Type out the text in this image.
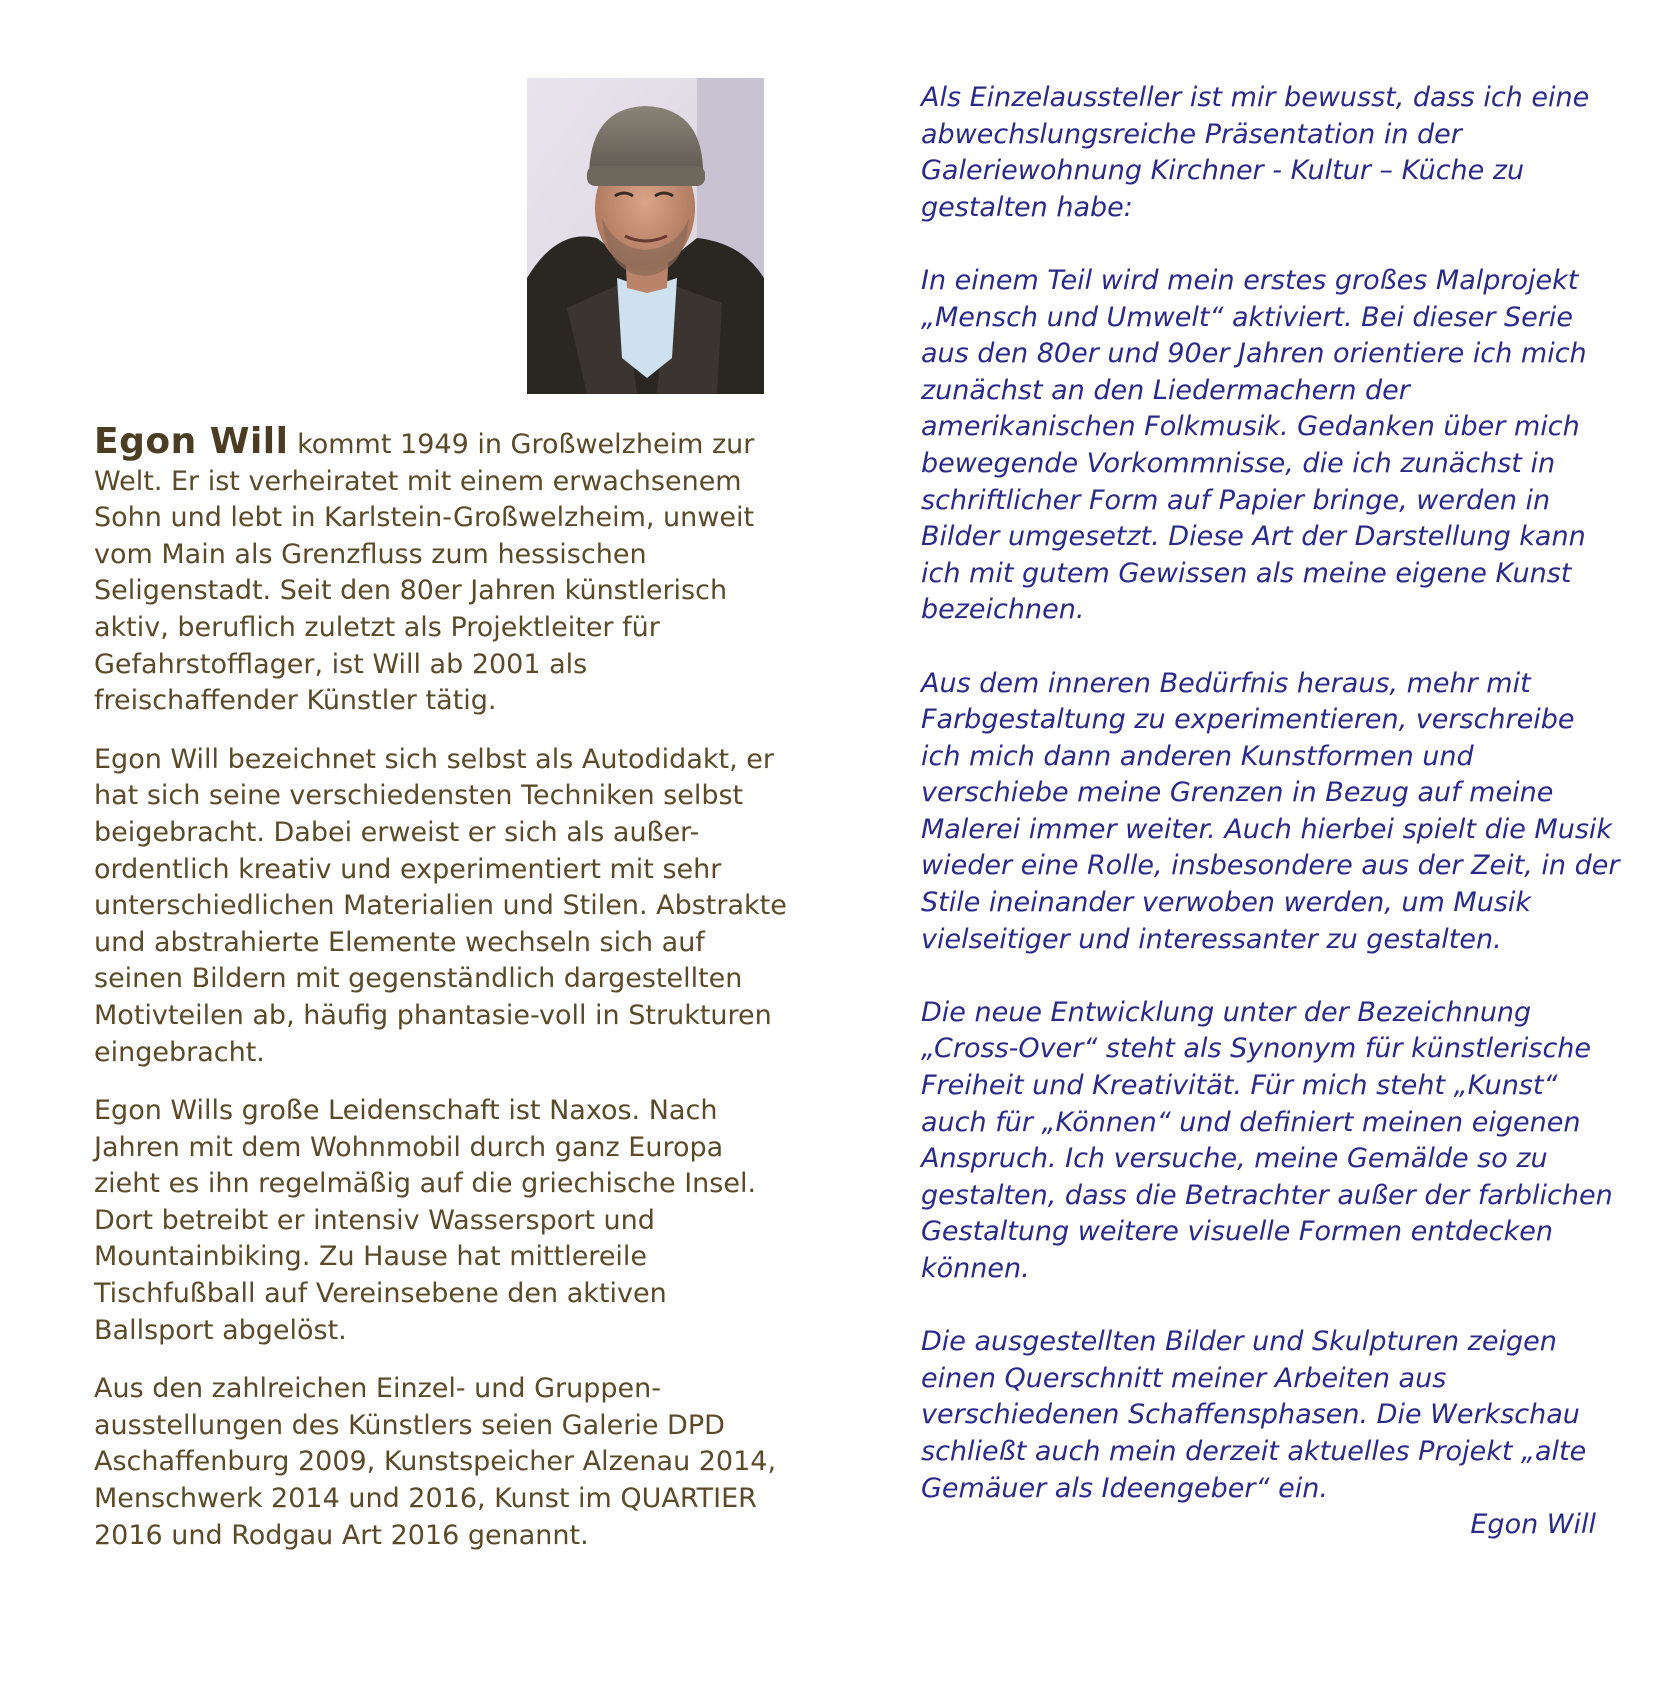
Egon Will kommt 1949 in Großwelzheim zur Welt. Er ist verheiratet mit einem erwachsenem Sohn und lebt in Karlstein-Großwelzheim, unweit vom Main als Grenzfluss zum hessischen Seligenstadt. Seit den 80er Jahren künstlerisch aktiv, beruflich zuletzt als Projektleiter für Gefahrstofflager, ist Will ab 2001 als freischaffender Künstler tätig.

Egon Will bezeichnet sich selbst als Autodidakt, er hat sich seine verschiedensten Techniken selbst beigebracht. Dabei erweist er sich als außer-ordentlich kreativ und experimentiert mit sehr unterschiedlichen Materialien und Stilen. Abstrakte und abstrahierte Elemente wechseln sich auf seinen Bildern mit gegenständlich dargestellten Motivteilen ab, häufig phantasie-voll in Strukturen eingebracht.

Egon Wills große Leidenschaft ist Naxos. Nach Jahren mit dem Wohnmobil durch ganz Europa zieht es ihn regelmäßig auf die griechische Insel. Dort betreibt er intensiv Wassersport und Mountainbiking. Zu Hause hat mittlereile Tischfußball auf Vereinsebene den aktiven Ballsport abgelöst.

Aus den zahlreichen Einzel- und Gruppen-ausstellungen des Künstlers seien Galerie DPD Aschaffenburg 2009, Kunstspeicher Alzenau 2014, Menschwerk 2014 und 2016, Kunst im QUARTIER 2016 und Rodgau Art 2016 genannt.

Als Einzelaussteller ist mir bewusst, dass ich eine abwechslungsreiche Präsentation in der Galeriewohnung Kirchner - Kultur – Küche zu gestalten habe:

In einem Teil wird mein erstes großes Malprojekt „Mensch und Umwelt“ aktiviert. Bei dieser Serie aus den 80er und 90er Jahren orientiere ich mich zunächst an den Liedermachern der amerikanischen Folkmusik. Gedanken über mich bewegende Vorkommnisse, die ich zunächst in schriftlicher Form auf Papier bringe, werden in Bilder umgesetzt. Diese Art der Darstellung kann ich mit gutem Gewissen als meine eigene Kunst bezeichnen.

Aus dem inneren Bedürfnis heraus, mehr mit Farbgestaltung zu experimentieren, verschreibe ich mich dann anderen Kunstformen und verschiebe meine Grenzen in Bezug auf meine Malerei immer weiter. Auch hierbei spielt die Musik wieder eine Rolle, insbesondere aus der Zeit, in der Stile ineinander verwoben werden, um Musik vielseitiger und interessanter zu gestalten.

Die neue Entwicklung unter der Bezeichnung „Cross-Over“ steht als Synonym für künstlerische Freiheit und Kreativität. Für mich steht „Kunst“ auch für „Können“ und definiert meinen eigenen Anspruch. Ich versuche, meine Gemälde so zu gestalten, dass die Betrachter außer der farblichen Gestaltung weitere visuelle Formen entdecken können.

Die ausgestellten Bilder und Skulpturen zeigen einen Querschnitt meiner Arbeiten aus verschiedenen Schaffensphasen. Die Werkschau schließt auch mein derzeit aktuelles Projekt „alte Gemäuer als Ideengeber“ ein.

Egon Will
